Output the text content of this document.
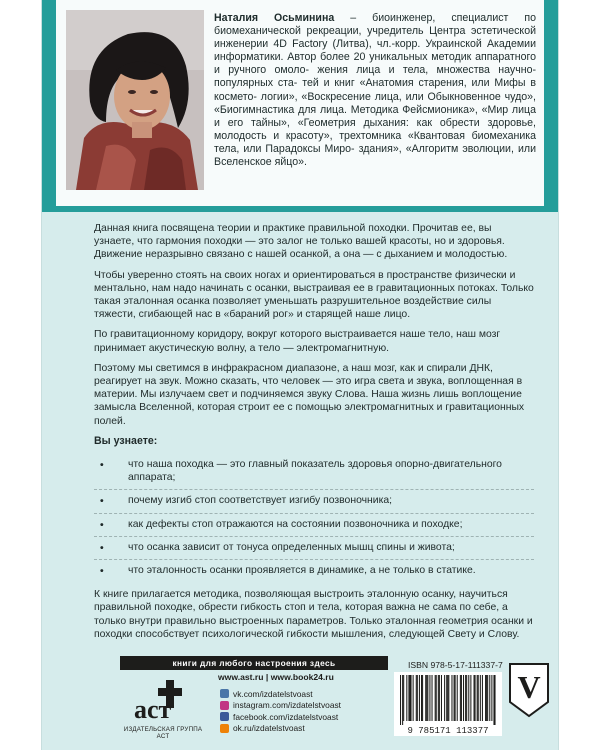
Наталия Осьминина – биоинженер, специалист по биомеханической рекреации, учредитель Центра эстетической инженерии 4D Factory (Литва), чл.-корр. Украинской Академии информатики. Автор более 20 уникальных методик аппаратного и ручного омоло- жения лица и тела, множества научно-популярных ста- тей и книг «Анатомия старения, или Мифы в космето- логии», «Воскресение лица, или Обыкновенное чудо», «Биогимнастика для лица. Методика Фейсмионика», «Мир лица и его тайны», «Геометрия дыхания: как обрести здоровье, молодость и красоту», трехтомника «Квантовая биомеханика тела, или Парадоксы Миро- здания», «Алгоритм эволюции, или Вселенское яйцо».

Данная книга посвящена теории и практике правильной походки. Прочитав ее, вы узнаете, что гармония походки — это залог не только вашей красоты, но и здоровья. Движение неразрывно связано с нашей осанкой, а она — с дыханием и молодостью.

Чтобы уверенно стоять на своих ногах и ориентироваться в пространстве физически и ментально, нам надо начинать с осанки, выстраивая ее в гравитационных потоках. Только такая эталонная осанка позволяет уменьшать разрушительное воздействие силы тяжести, сгибающей нас в «бараний рог» и старящей наше лицо.

По гравитационному коридору, вокруг которого выстраивается наше тело, наш мозг принимает акустическую волну, а тело — электромагнитную.

Поэтому мы светимся в инфракрасном диапазоне, а наш мозг, как и спирали ДНК, реагирует на звук. Можно сказать, что человек — это игра света и звука, воплощенная в материи. Мы излучаем свет и подчиняемся звуку Слова. Наша жизнь лишь воплощение замысла Вселенной, которая строит ее с помощью электромагнитных и гравитационных полей.

Вы узнаете:
• что наша походка — это главный показатель здоровья опорно-двигательного аппарата;
• почему изгиб стоп соответствует изгибу позвоночника;
• как дефекты стоп отражаются на состоянии позвоночника и походке;
• что осанка зависит от тонуса определенных мышц спины и живота;
• что эталонность осанки проявляется в динамике, а не только в статике.

К книге прилагается методика, позволяющая выстроить эталонную осанку, научиться правильной походке, обрести гибкость стоп и тела, которая важна не сама по себе, а только внутри правильно выстроенных параметров. Только эталонная геометрия осанки и походки способствует психологической гибкости мышления, следующей Свету и Слову.

книги для любого настроения здесь
www.ast.ru | www.book24.ru
vk.com/izdatelstvoast
instagram.com/izdatelstvoast
facebook.com/izdatelstvoast
ok.ru/izdatelstvoast
аст
ИЗДАТЕЛЬСКАЯ ГРУППА АСТ
ISBN 978-5-17-111337-7
9 785171 113377
V
